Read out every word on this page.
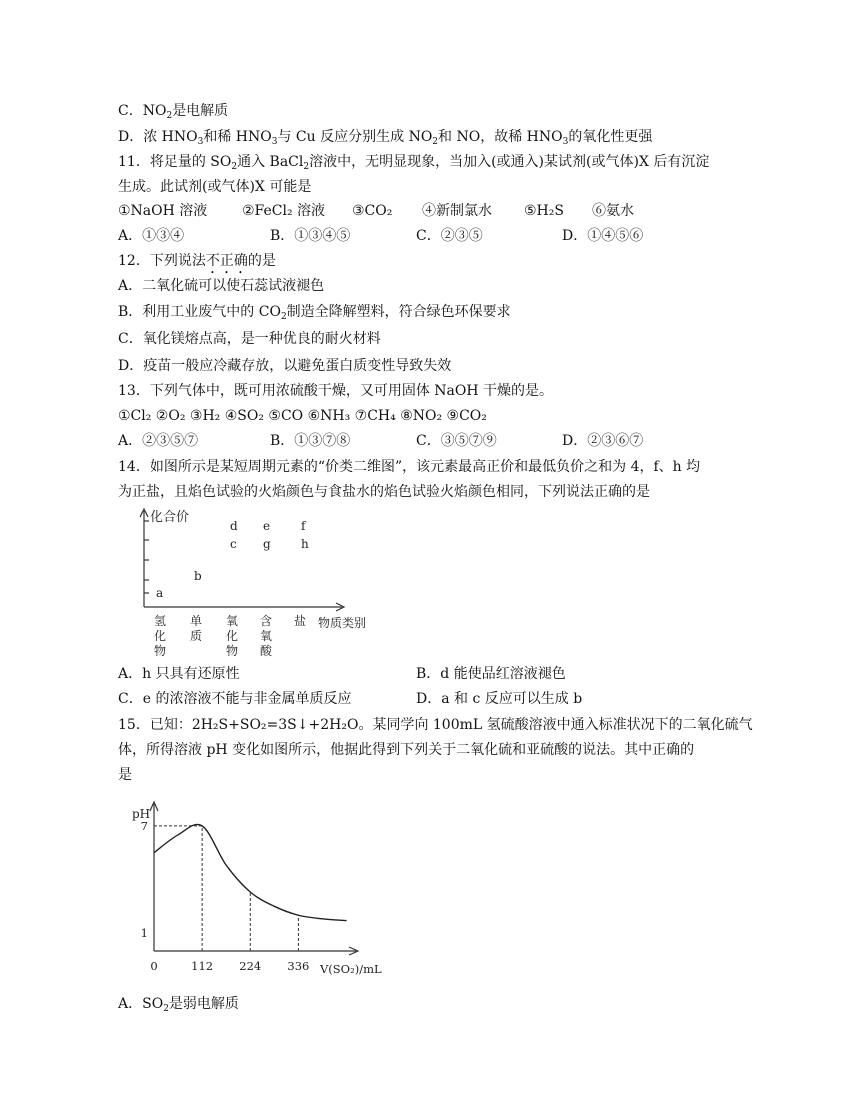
C．$NO_2$是电解质
D．浓 $HNO_3$和稀 $HNO_3$与 Cu 反应分别生成 $NO_2$和 NO，故稀 $HNO_3$的氧化性更强
11．将足量的 $SO_2$通入 BaCl$_2$溶液中，无明显现象，当加入(或通入)某试剂(或气体)X 后有沉淀
生成。此试剂(或气体)X 可能是
①NaOH 溶液 ②FeCl₂ 溶液 ③CO₂ ④新制氯水 ⑤H₂S ⑥氨水
A．①③④	B．①③④⑤	C．②③⑤	D．①④⑤⑥
12．下列说法不正确的是
A．二氧化硫可以使石蕊试液褪色
B．利用工业废气中的 $CO_2$制造全降解塑料，符合绿色环保要求
C．氧化镁熔点高，是一种优良的耐火材料
D．疫苗一般应冷藏存放，以避免蛋白质变性导致失效
13．下列气体中，既可用浓硫酸干燥，又可用固体 NaOH 干燥的是。
①Cl₂ ②O₂ ③H₂ ④SO₂ ⑤CO ⑥NH₃ ⑦CH₄ ⑧NO₂ ⑨CO₂
A．②③⑤⑦	B．①③⑦⑧	C．③⑤⑦⑨	D．②③⑥⑦
14．如图所示是某短周期元素的“价类二维图”，该元素最高正价和最低负价之和为 4，f、h 均
为正盐，且焰色试验的火焰颜色与食盐水的焰色试验火焰颜色相同，下列说法正确的是
化合价
a
b
c
d e	f
g	h
氢化物
单质
氧化物
含氧酸
盐 物质类别
A．h 只具有还原性	B．d 能使品红溶液褪色
C．e 的浓溶液不能与非金属单质反应	D．a 和 c 反应可以生成 b
15．已知：2H₂S+SO₂=3S↓+2H₂O。某同学向 100mL 氢硫酸溶液中通入标准状况下的二氧化硫气
体，所得溶液 pH 变化如图所示，他据此得到下列关于二氧化硫和亚硫酸的说法。其中正确的
是
pH
0	112 224 336
1
7
V(SO₂)/mL
A．$SO_2$是弱电解质
